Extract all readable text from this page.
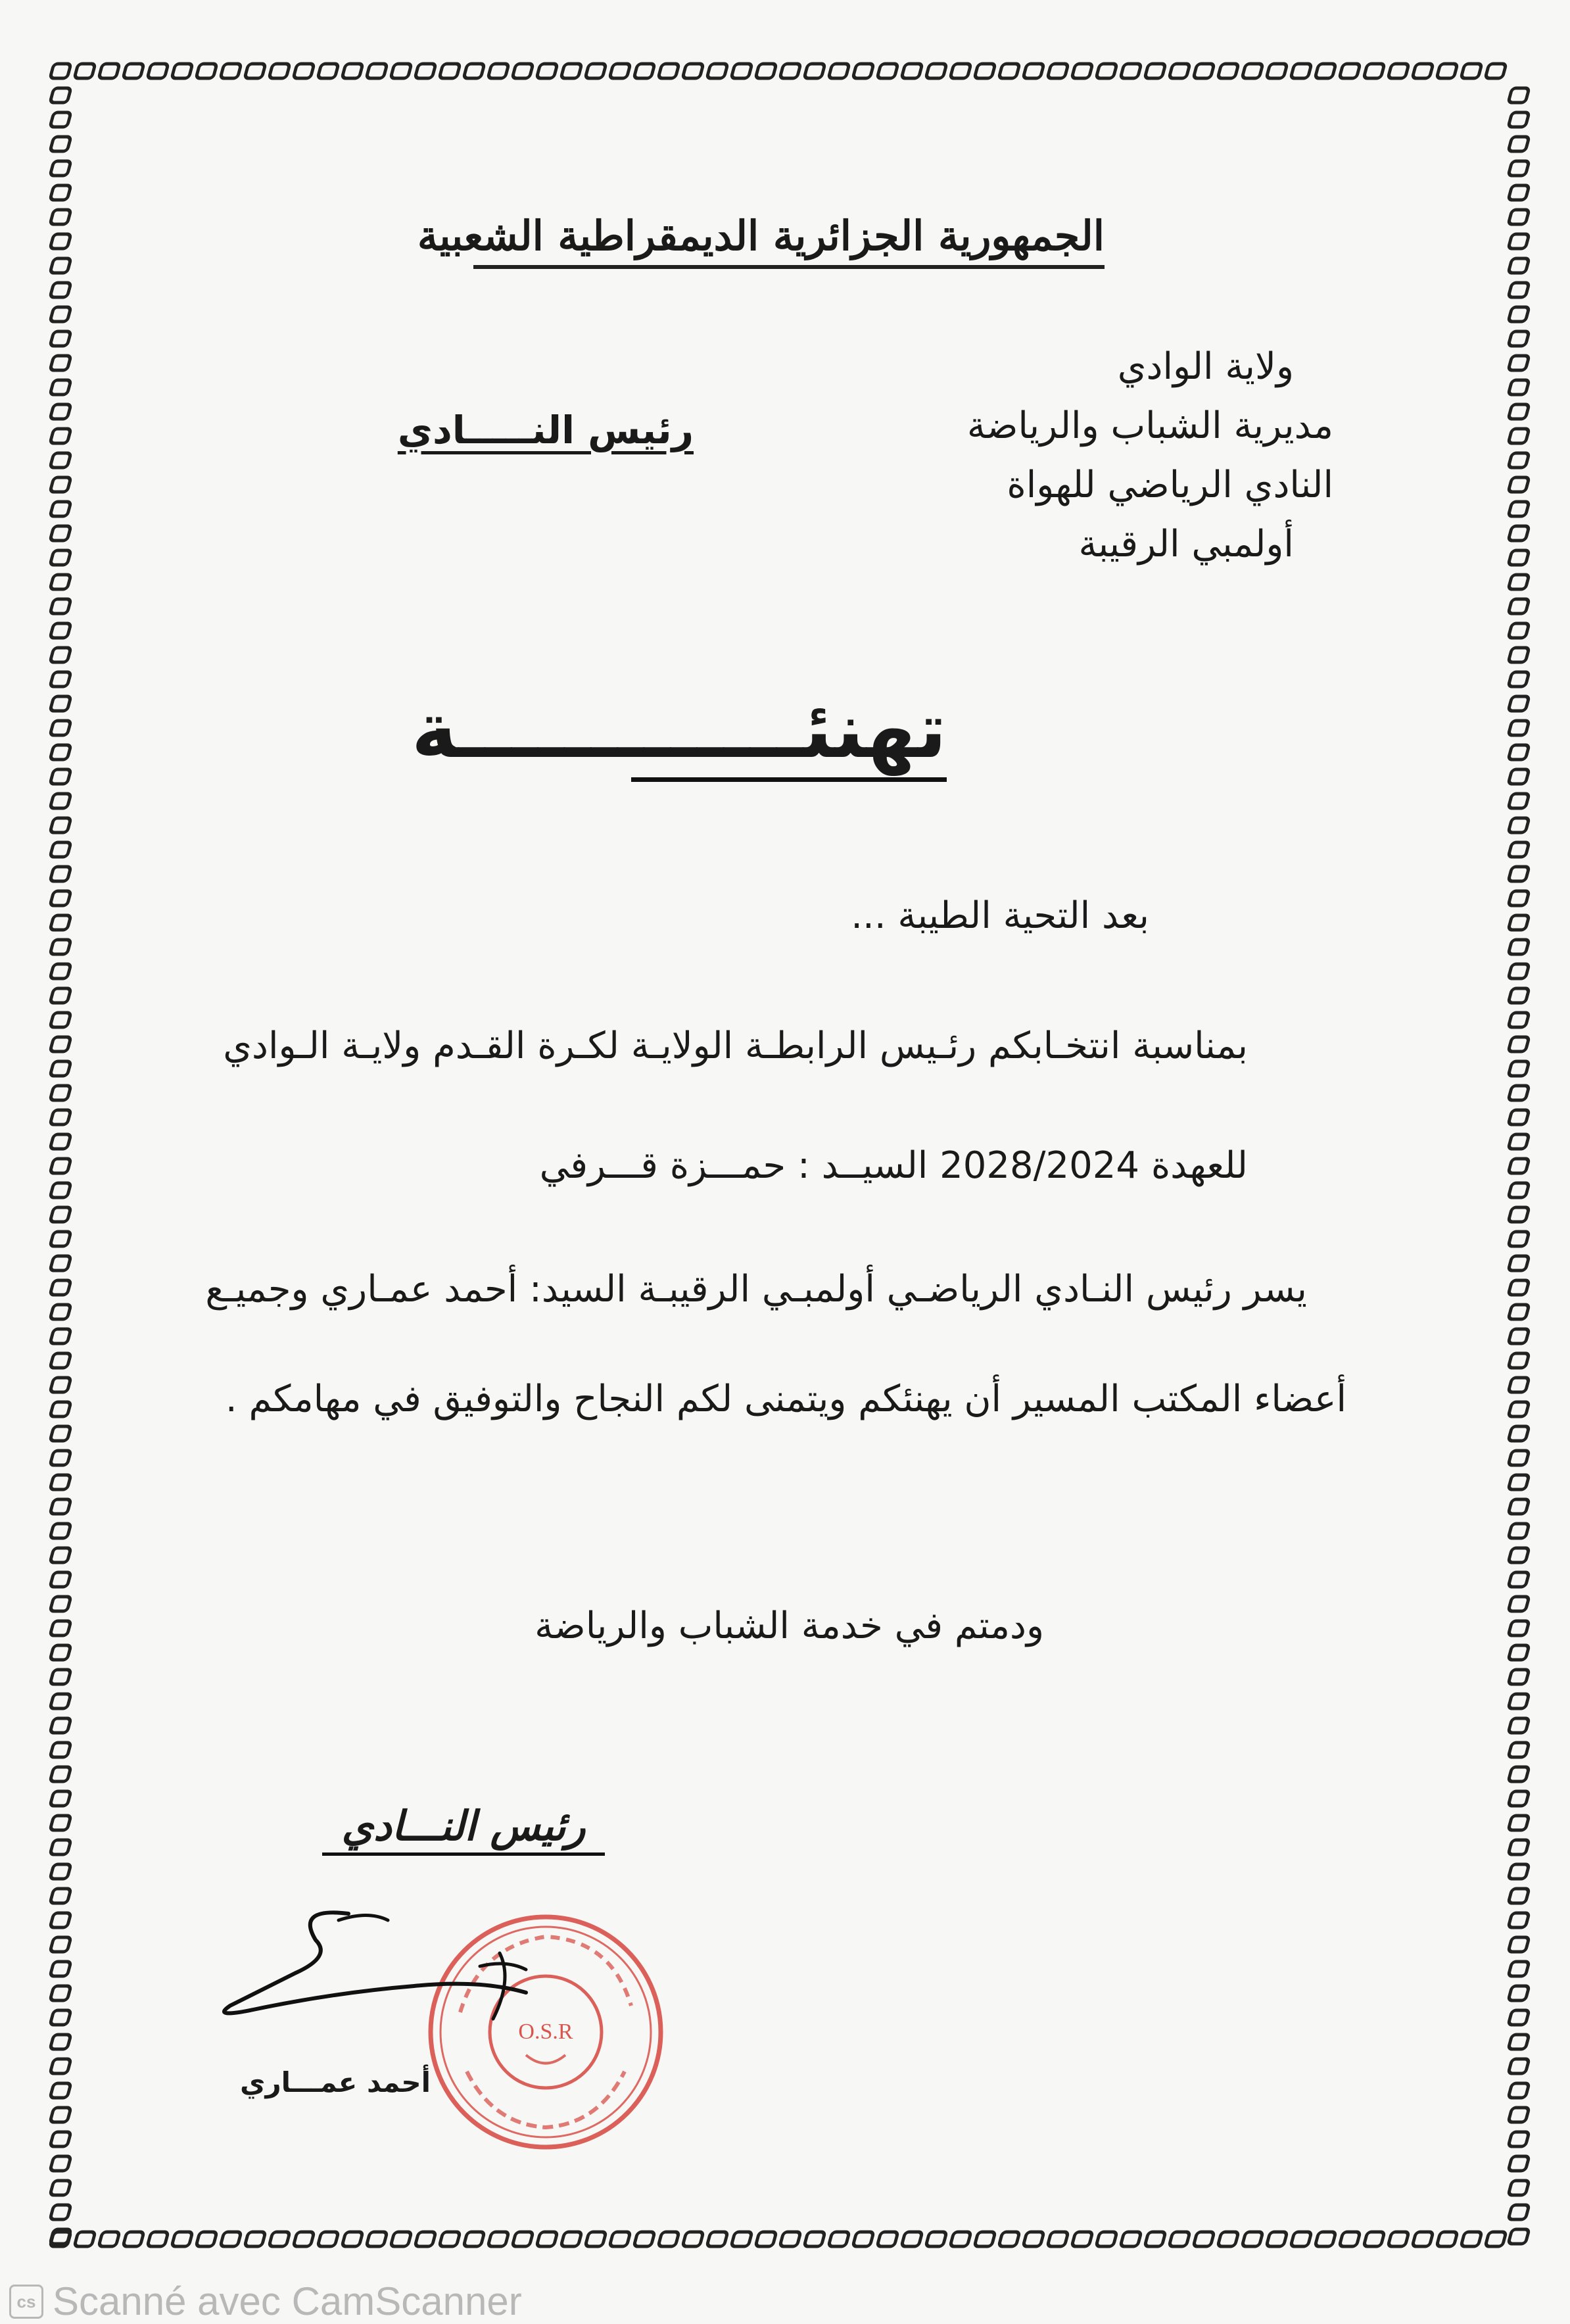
الجمهورية الجزائرية الديمقراطية الشعبية
ولاية الوادي
مديرية الشباب والرياضة
النادي الرياضي للهواة
أولمبي الرقيبة
رئيس النـــــادي
تهنئـــــــــــــة
بعد التحية الطيبة ...
بمناسبة انتخـابكم رئـيس الرابطـة الولايـة لكـرة القـدم ولايـة الـوادي
للعهدة 2028/2024 السيــد : حمـــزة قـــرفي
يسر رئيس النـادي الرياضـي أولمبـي الرقيبـة السيد: أحمد عمـاري وجميـع
أعضاء المكتب المسير أن يهنئكم ويتمنى لكم النجاح والتوفيق في مهامكم .
ودمتم في خدمة الشباب والرياضة
رئيس النـــادي
O.S.R
أحمد عمـــاري
cs Scanné avec CamScanner
